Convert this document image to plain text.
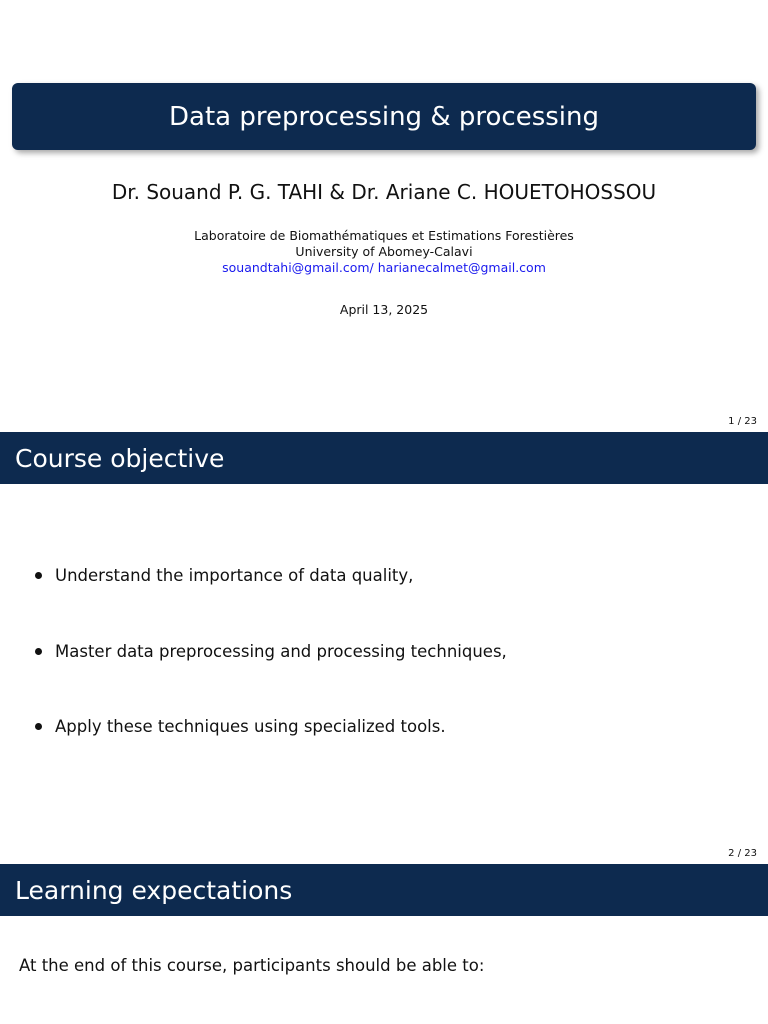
Data preprocessing & processing
Dr. Souand P. G. TAHI & Dr. Ariane C. HOUETOHOSSOU
Laboratoire de Biomathématiques et Estimations Forestières
University of Abomey-Calavi
souandtahi@gmail.com/ harianecalmet@gmail.com
April 13, 2025
1 / 23
Course objective
Understand the importance of data quality,
Master data preprocessing and processing techniques,
Apply these techniques using specialized tools.
2 / 23
Learning expectations
At the end of this course, participants should be able to:
